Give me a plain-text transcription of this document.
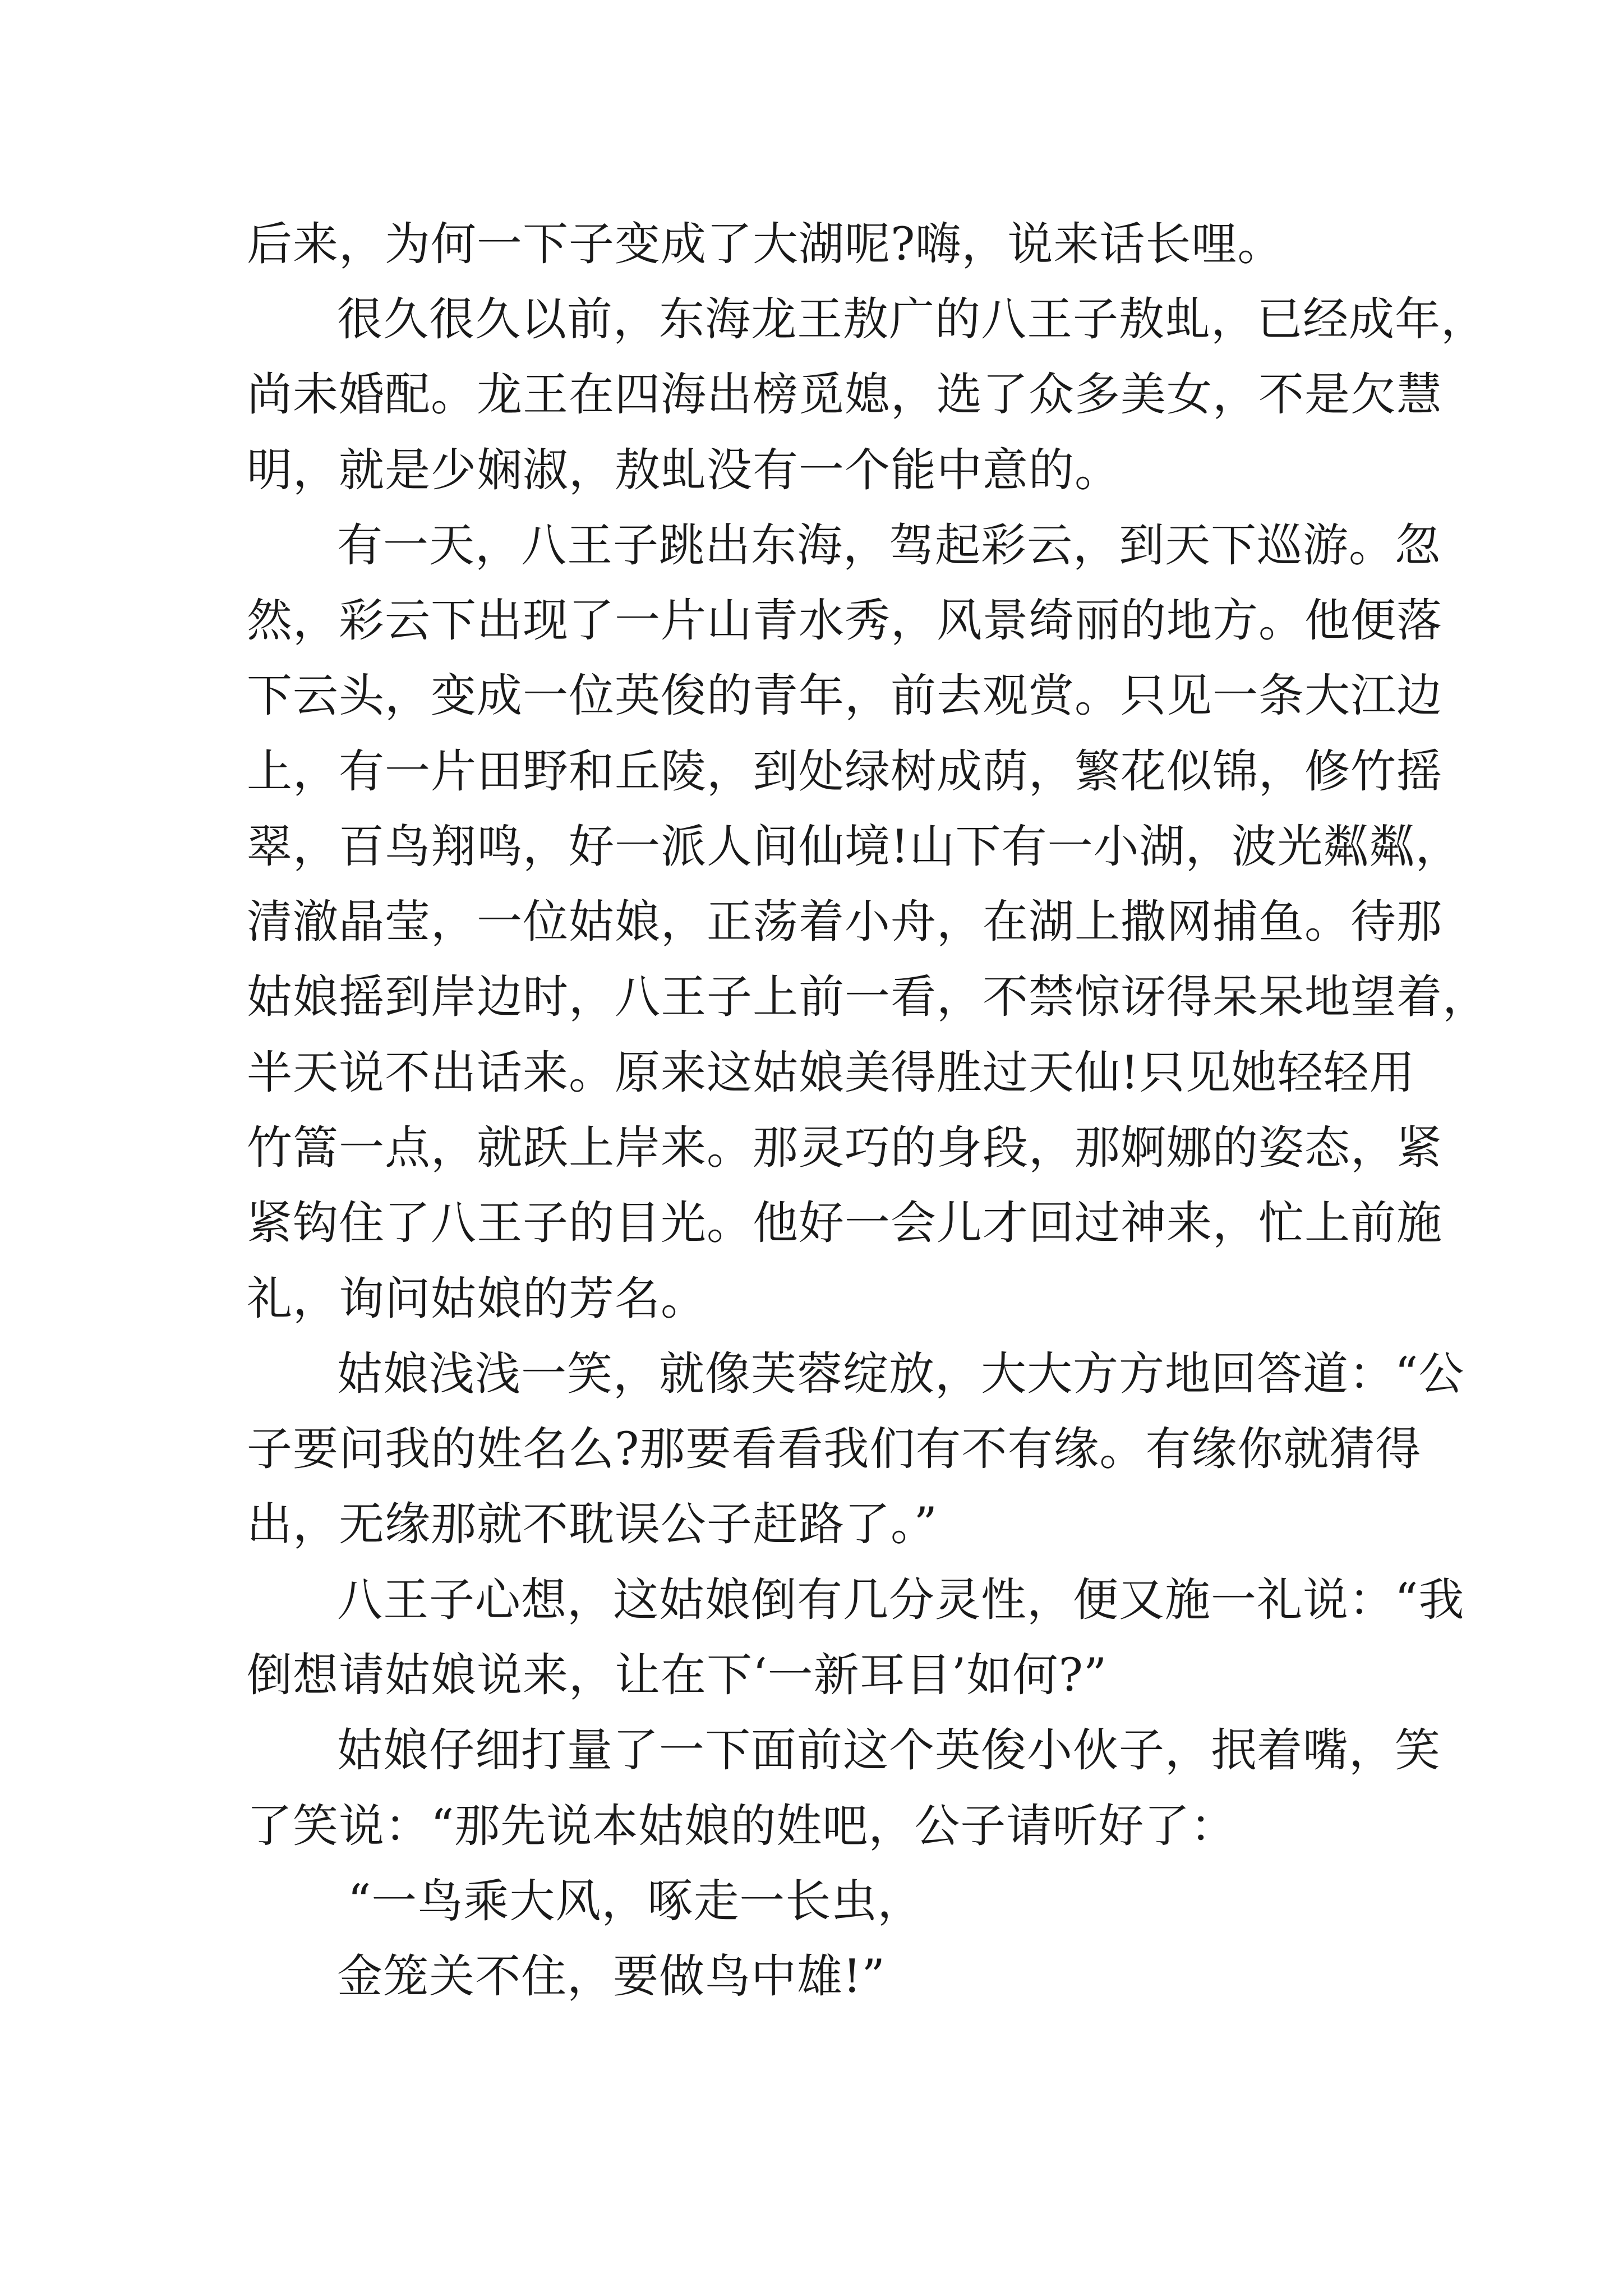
后来，为何一下子变成了大湖呢?嗨，说来话长哩。
很久很久以前，东海龙王敖广的八王子敖虬，已经成年，
尚未婚配。龙王在四海出榜觅媳，选了众多美女，不是欠慧
明，就是少娴淑，敖虬没有一个能中意的。
有一天，八王子跳出东海，驾起彩云，到天下巡游。忽
然，彩云下出现了一片山青水秀，风景绮丽的地方。他便落
下云头，变成一位英俊的青年，前去观赏。只见一条大江边
上，有一片田野和丘陵，到处绿树成荫，繁花似锦，修竹摇
翠，百鸟翔鸣，好一派人间仙境!山下有一小湖，波光粼粼，
清澈晶莹，一位姑娘，正荡着小舟，在湖上撒网捕鱼。待那
姑娘摇到岸边时，八王子上前一看，不禁惊讶得呆呆地望着，
半天说不出话来。原来这姑娘美得胜过天仙!只见她轻轻用
竹篙一点，就跃上岸来。那灵巧的身段，那婀娜的姿态，紧
紧钩住了八王子的目光。他好一会儿才回过神来，忙上前施
礼，询问姑娘的芳名。
姑娘浅浅一笑，就像芙蓉绽放，大大方方地回答道：“公
子要问我的姓名么?那要看看我们有不有缘。有缘你就猜得
出，无缘那就不耽误公子赶路了。”
八王子心想，这姑娘倒有几分灵性，便又施一礼说：“我
倒想请姑娘说来，让在下‘一新耳目’如何?”
姑娘仔细打量了一下面前这个英俊小伙子，抿着嘴，笑
了笑说：“那先说本姑娘的姓吧，公子请听好了：
“一鸟乘大风，啄走一长虫，
金笼关不住，要做鸟中雄!”
